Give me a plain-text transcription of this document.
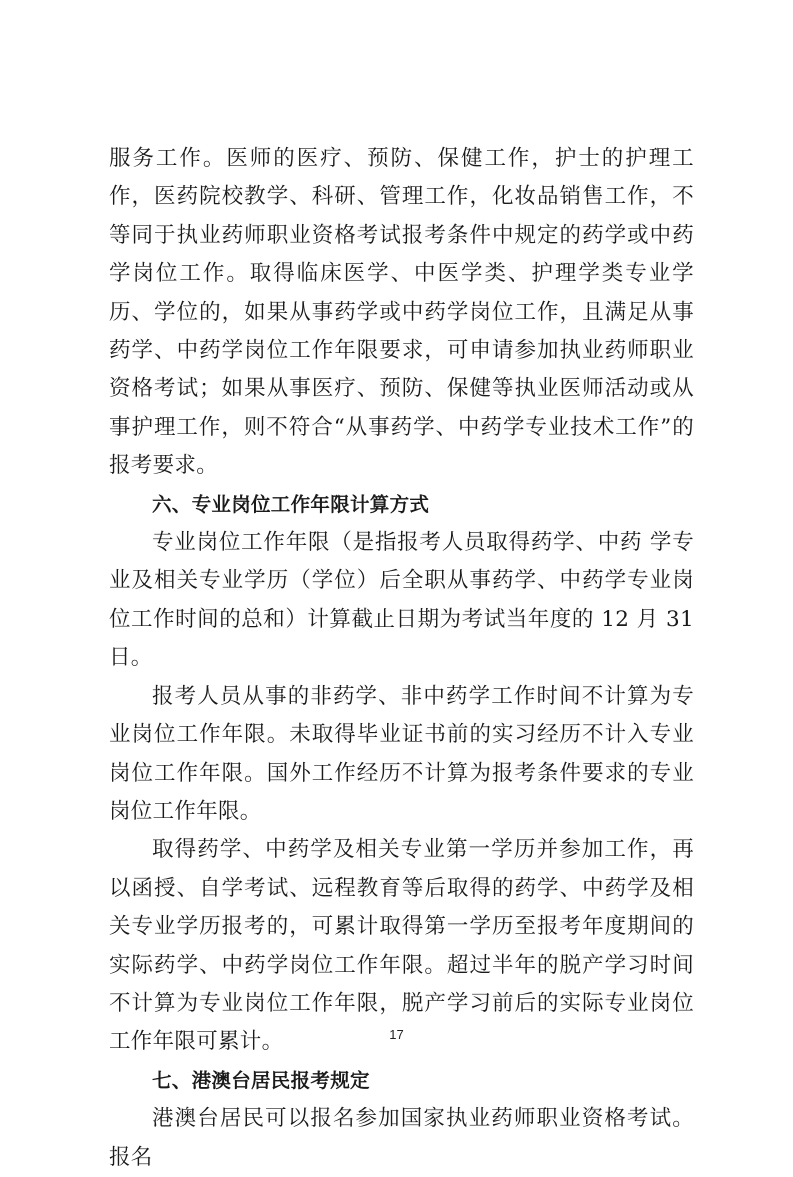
服务工作。医师的医疗、预防、保健工作，护士的护理工作，医药院校教学、科研、管理工作，化妆品销售工作，不等同于执业药师职业资格考试报考条件中规定的药学或中药学岗位工作。取得临床医学、中医学类、护理学类专业学历、学位的，如果从事药学或中药学岗位工作，且满足从事药学、中药学岗位工作年限要求，可申请参加执业药师职业资格考试；如果从事医疗、预防、保健等执业医师活动或从事护理工作，则不符合“从事药学、中药学专业技术工作”的报考要求。

六、专业岗位工作年限计算方式

专业岗位工作年限（是指报考人员取得药学、中药 学专业及相关专业学历（学位）后全职从事药学、中药学专业岗位工作时间的总和）计算截止日期为考试当年度的 12 月 31 日。

报考人员从事的非药学、非中药学工作时间不计算为专业岗位工作年限。未取得毕业证书前的实习经历不计入专业岗位工作年限。国外工作经历不计算为报考条件要求的专业岗位工作年限。

取得药学、中药学及相关专业第一学历并参加工作，再以函授、自学考试、远程教育等后取得的药学、中药学及相关专业学历报考的，可累计取得第一学历至报考年度期间的实际药学、中药学岗位工作年限。超过半年的脱产学习时间不计算为专业岗位工作年限，脱产学习前后的实际专业岗位工作年限可累计。

七、港澳台居民报考规定

港澳台居民可以报名参加国家执业药师职业资格考试。报名

17
